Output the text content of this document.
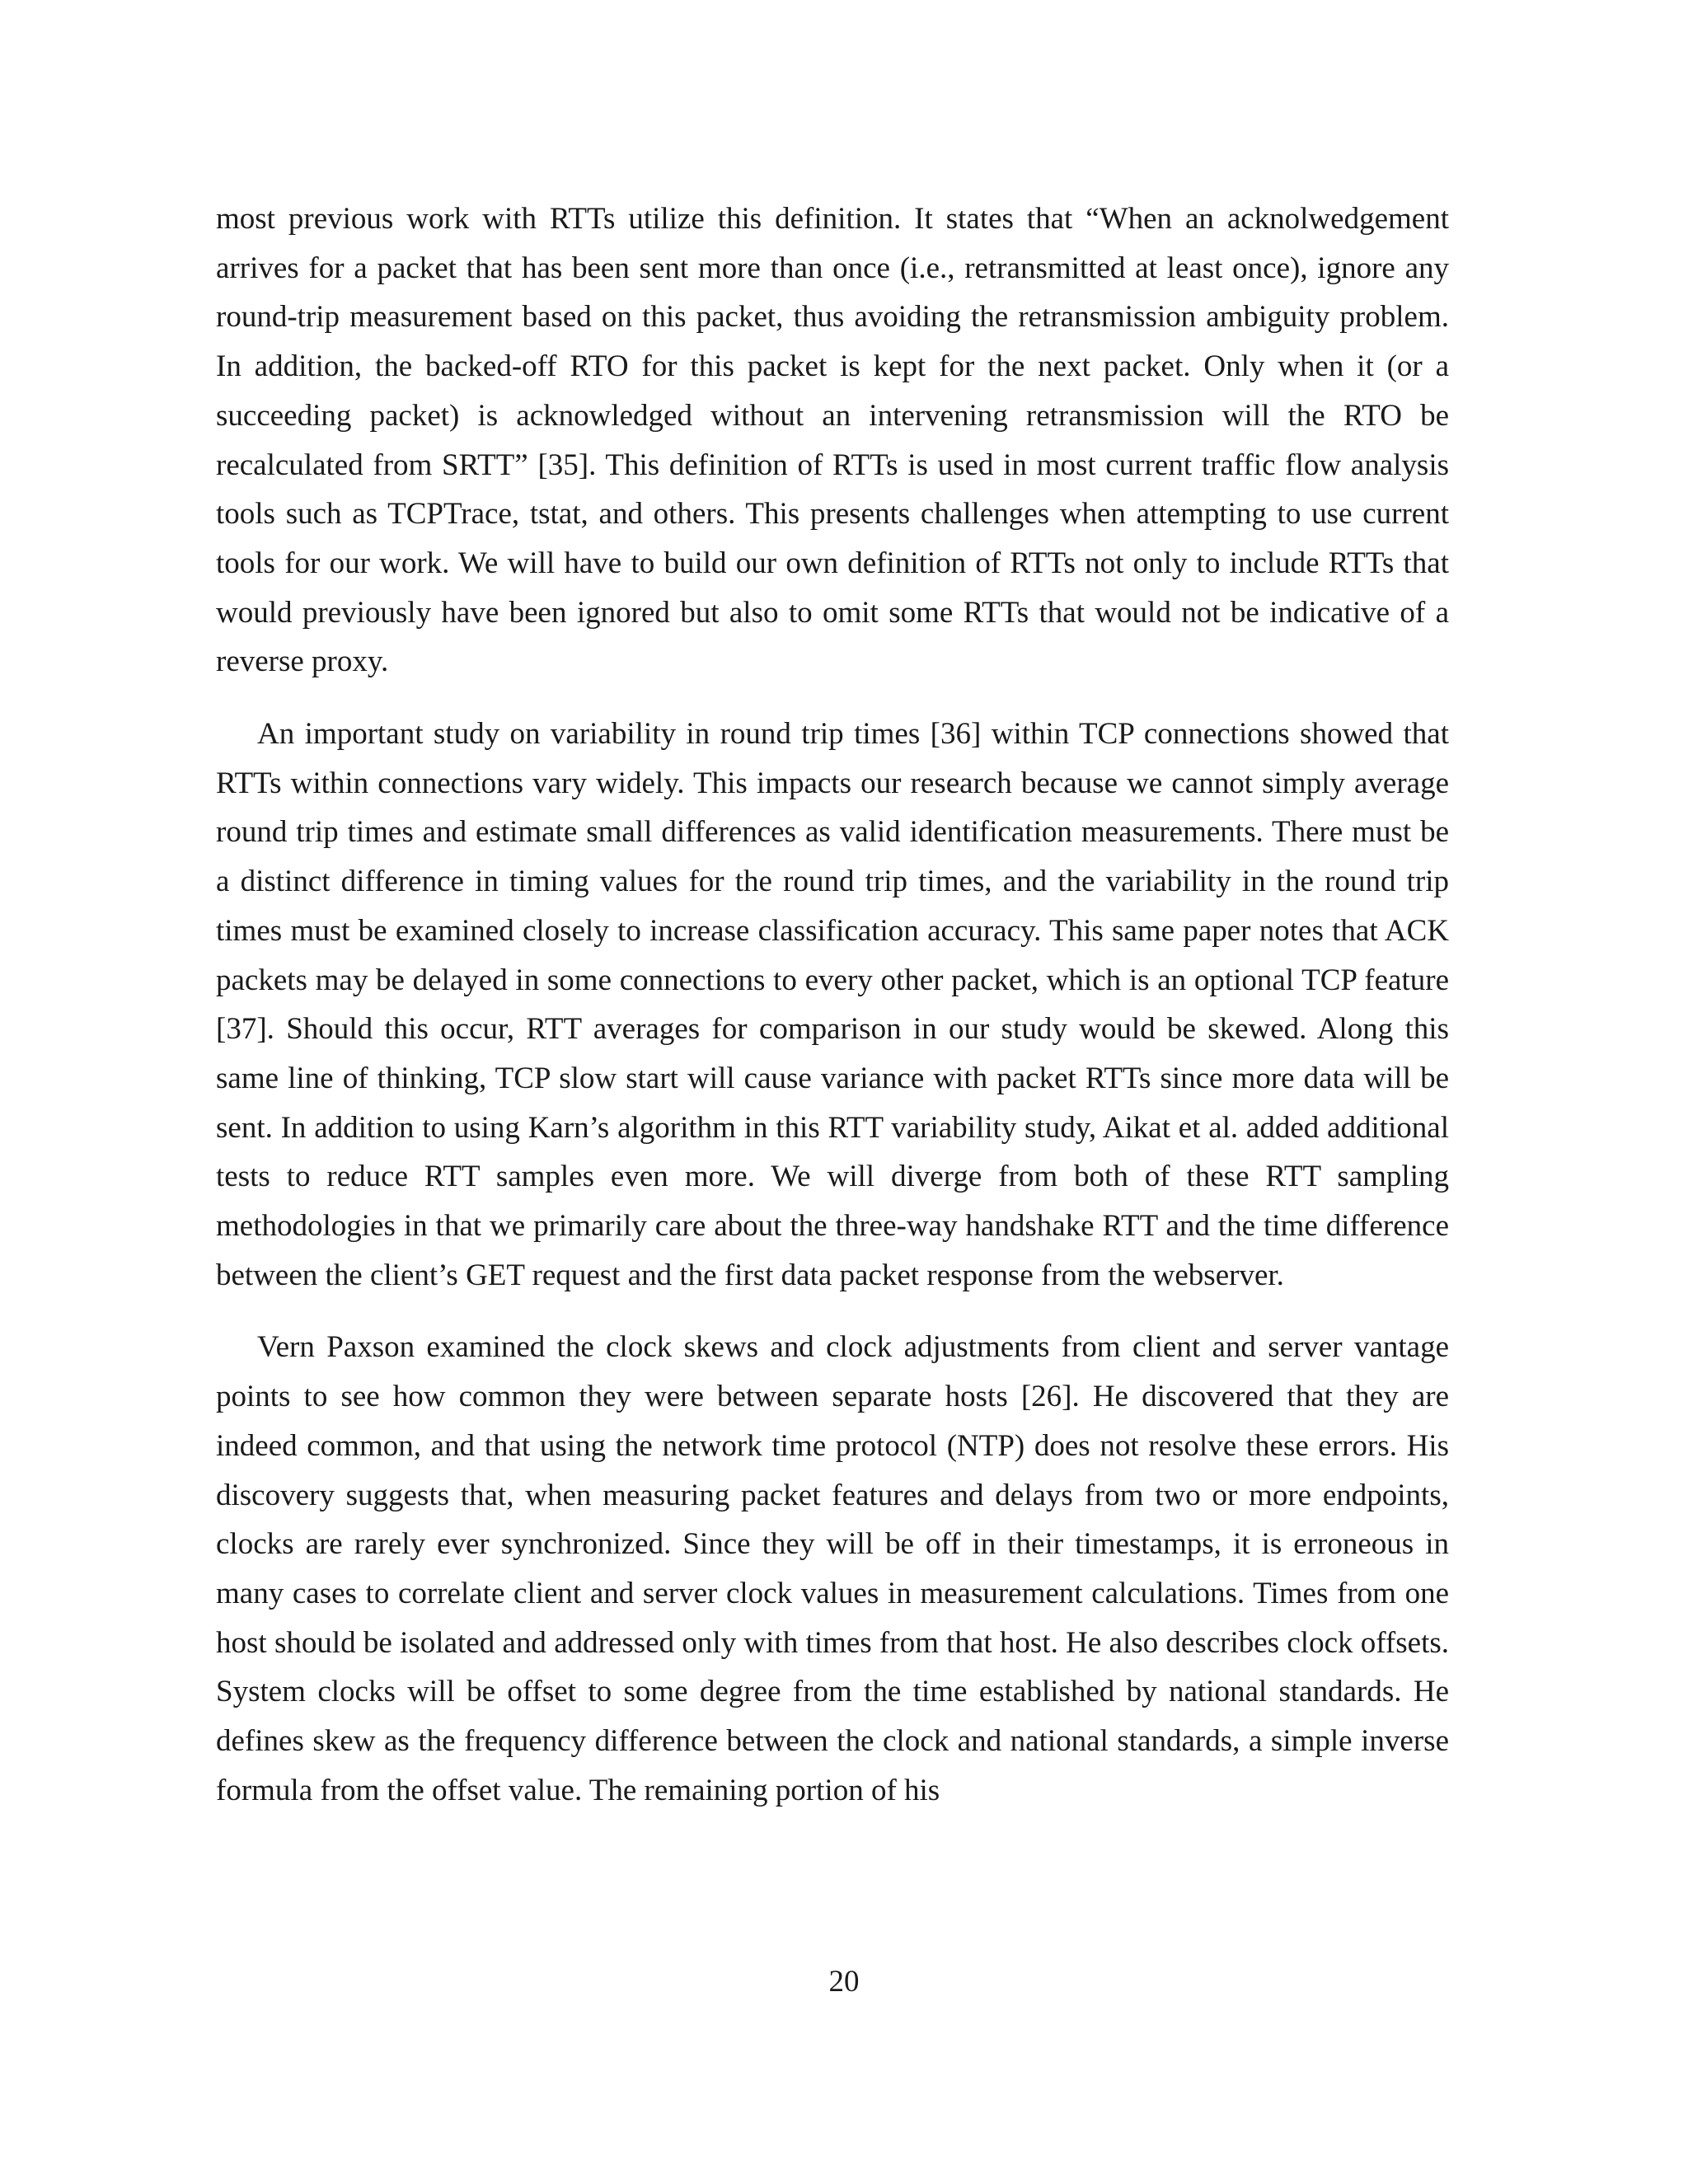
most previous work with RTTs utilize this definition. It states that “When an acknolwedgement arrives for a packet that has been sent more than once (i.e., retransmitted at least once), ignore any round-trip measurement based on this packet, thus avoiding the retransmission ambiguity problem. In addition, the backed-off RTO for this packet is kept for the next packet. Only when it (or a succeeding packet) is acknowledged without an intervening retransmission will the RTO be recalculated from SRTT” [35]. This definition of RTTs is used in most current traffic flow analysis tools such as TCPTrace, tstat, and others. This presents challenges when attempting to use current tools for our work. We will have to build our own definition of RTTs not only to include RTTs that would previously have been ignored but also to omit some RTTs that would not be indicative of a reverse proxy.

An important study on variability in round trip times [36] within TCP connections showed that RTTs within connections vary widely. This impacts our research because we cannot simply average round trip times and estimate small differences as valid identification measurements. There must be a distinct difference in timing values for the round trip times, and the variability in the round trip times must be examined closely to increase classification accuracy. This same paper notes that ACK packets may be delayed in some connections to every other packet, which is an optional TCP feature [37]. Should this occur, RTT averages for comparison in our study would be skewed. Along this same line of thinking, TCP slow start will cause variance with packet RTTs since more data will be sent. In addition to using Karn’s algorithm in this RTT variability study, Aikat et al. added additional tests to reduce RTT samples even more. We will diverge from both of these RTT sampling methodologies in that we primarily care about the three-way handshake RTT and the time difference between the client’s GET request and the first data packet response from the webserver.

Vern Paxson examined the clock skews and clock adjustments from client and server vantage points to see how common they were between separate hosts [26]. He discovered that they are indeed common, and that using the network time protocol (NTP) does not resolve these errors. His discovery suggests that, when measuring packet features and delays from two or more endpoints, clocks are rarely ever synchronized. Since they will be off in their timestamps, it is erroneous in many cases to correlate client and server clock values in measurement calculations. Times from one host should be isolated and addressed only with times from that host. He also describes clock offsets. System clocks will be offset to some degree from the time established by national standards. He defines skew as the frequency difference between the clock and national standards, a simple inverse formula from the offset value. The remaining portion of his

20
